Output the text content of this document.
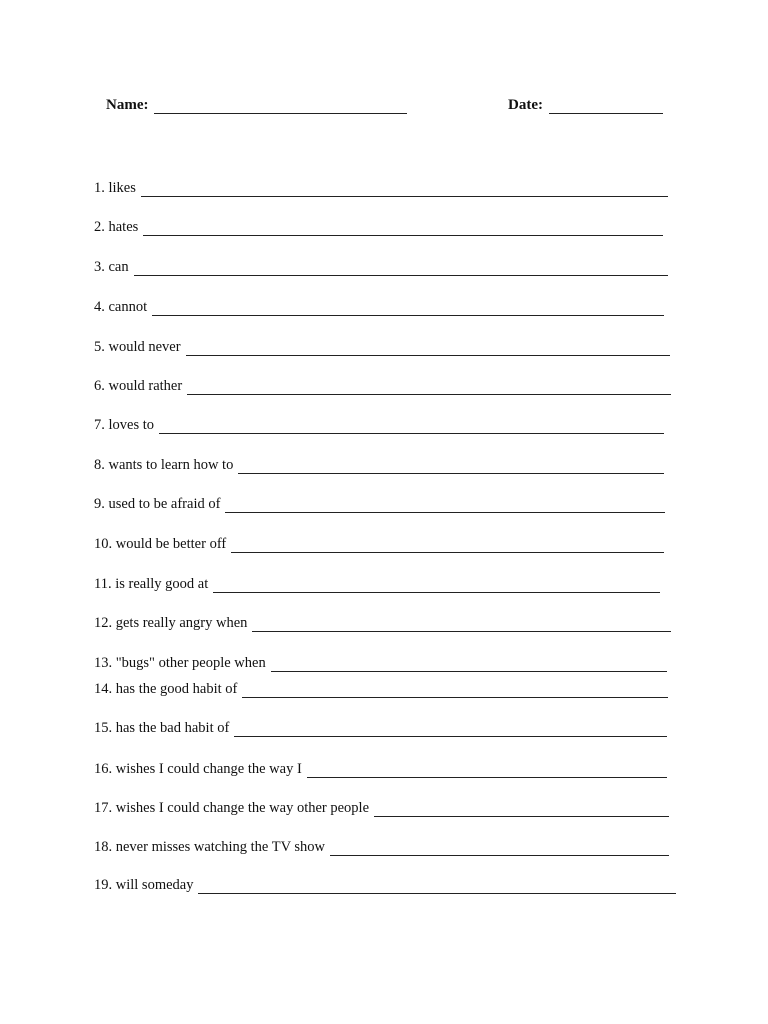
Name:	Date:
1. likes
2. hates
3. can
4. cannot
5. would never
6. would rather
7. loves to
8. wants to learn how to
9. used to be afraid of
10. would be better off
11. is really good at
12. gets really angry when
13. "bugs" other people when
14. has the good habit of
15. has the bad habit of
16. wishes I could change the way I
17. wishes I could change the way other people
18. never misses watching the TV show
19. will someday
